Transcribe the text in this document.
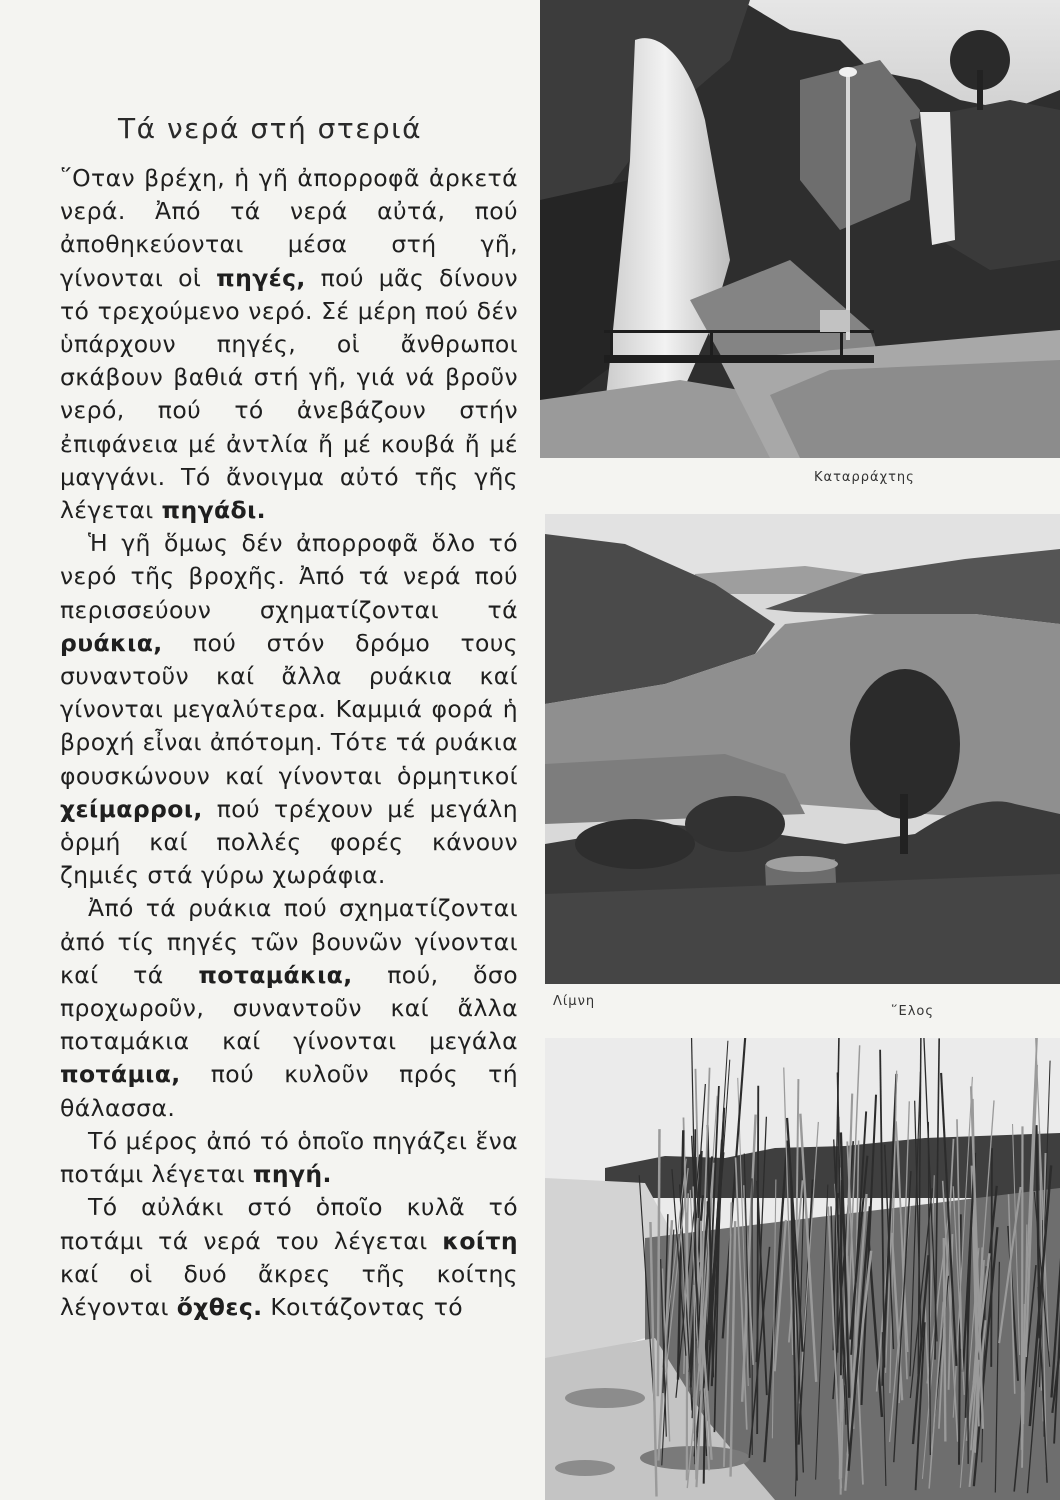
Τά νερά στή στεριά

῞Οταν βρέχη, ἡ γῆ ἀπορροφᾶ ἀρκετά νερά. Ἀπό τά νερά αὐτά, πού ἀποθηκεύονται μέσα στή γῆ, γίνονται οἱ πηγές, πού μᾶς δίνουν τό τρεχούμενο νερό. Σέ μέρη πού δέν ὑπάρχουν πηγές, οἱ ἄνθρωποι σκάβουν βαθιά στή γῆ, γιά νά βροῦν νερό, πού τό ἀνεβάζουν στήν ἐπιφάνεια μέ ἀντλία ἤ μέ κουβά ἤ μέ μαγγάνι. Τό ἄνοιγμα αὐτό τῆς γῆς λέγεται πηγάδι.

Ἡ γῆ ὅμως δέν ἀπορροφᾶ ὅλο τό νερό τῆς βροχῆς. Ἀπό τά νερά πού περισσεύουν σχηματίζονται τά ρυάκια, πού στόν δρόμο τους συναντοῦν καί ἄλλα ρυάκια καί γίνονται μεγαλύτερα. Καμμιά φορά ἡ βροχή εἶναι ἀπότομη. Τότε τά ρυάκια φουσκώνουν καί γίνονται ὁρμητικοί χείμαρροι, πού τρέχουν μέ μεγάλη ὁρμή καί πολλές φορές κάνουν ζημιές στά γύρω χωράφια.

Ἀπό τά ρυάκια πού σχηματίζονται ἀπό τίς πηγές τῶν βουνῶν γίνονται καί τά ποταμάκια, πού, ὅσο προχωροῦν, συναντοῦν καί ἄλλα ποταμάκια καί γίνονται μεγάλα ποτάμια, πού κυλοῦν πρός τή θάλασσα.

Τό μέρος ἀπό τό ὁποῖο πηγάζει ἕνα ποτάμι λέγεται πηγή.

Τό αὐλάκι στό ὁποῖο κυλᾶ τό ποτάμι τά νερά του λέγεται κοίτη καί οἱ δυό ἄκρες τῆς κοίτης λέγονται ὄχθες. Κοιτάζοντας τό

Καταρράχτης
Λίμνη
῞Ελος
